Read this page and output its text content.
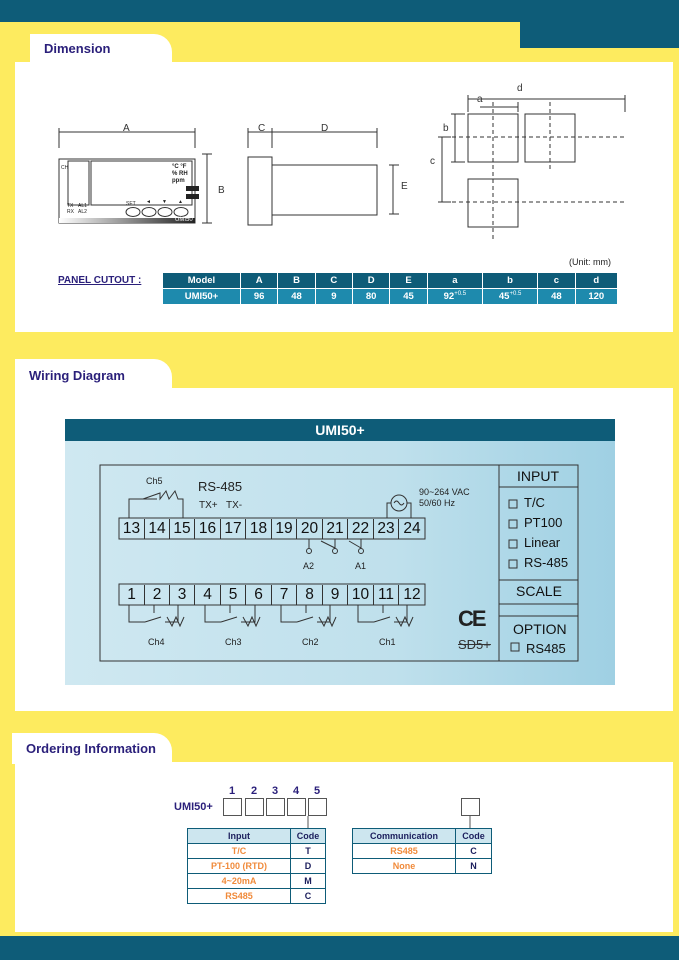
Dimension
A
B
C	D
E
a
b
c
d
CH	°C °F
% RH
ppm
TX
RX
AL1
AL2
SET ◄ ▼ ▲
UMI50
(Unit: mm)
PANEL CUTOUT :	Model	A	B	C	D	E	a	b	c	d
UMI50+	96	48	9	80	45	$92^{+0.5}$	$45^{+0.5}$	48	120
Wiring Diagram
UMI50+
13 14 15 16 17 18 19 20 21 22 23 24
1	2	3	4	5	6	7	8	9 10 11 12
Ch5	RS-485
TX+ TX-
90~264 VAC
50/60 Hz
A2	A1
Ch4	Ch3	Ch2	Ch1
INPUT
T/C
PT100
Linear
RS-485
SCALE
OPTION
RS485
CE
SD5+
Ordering Information
1 2 3 4 5
UMI50+
Input	Code
T/C	T
PT-100 (RTD)	D
4~20mA	M
RS485	C
Communication	Code
RS485	C
None	N
